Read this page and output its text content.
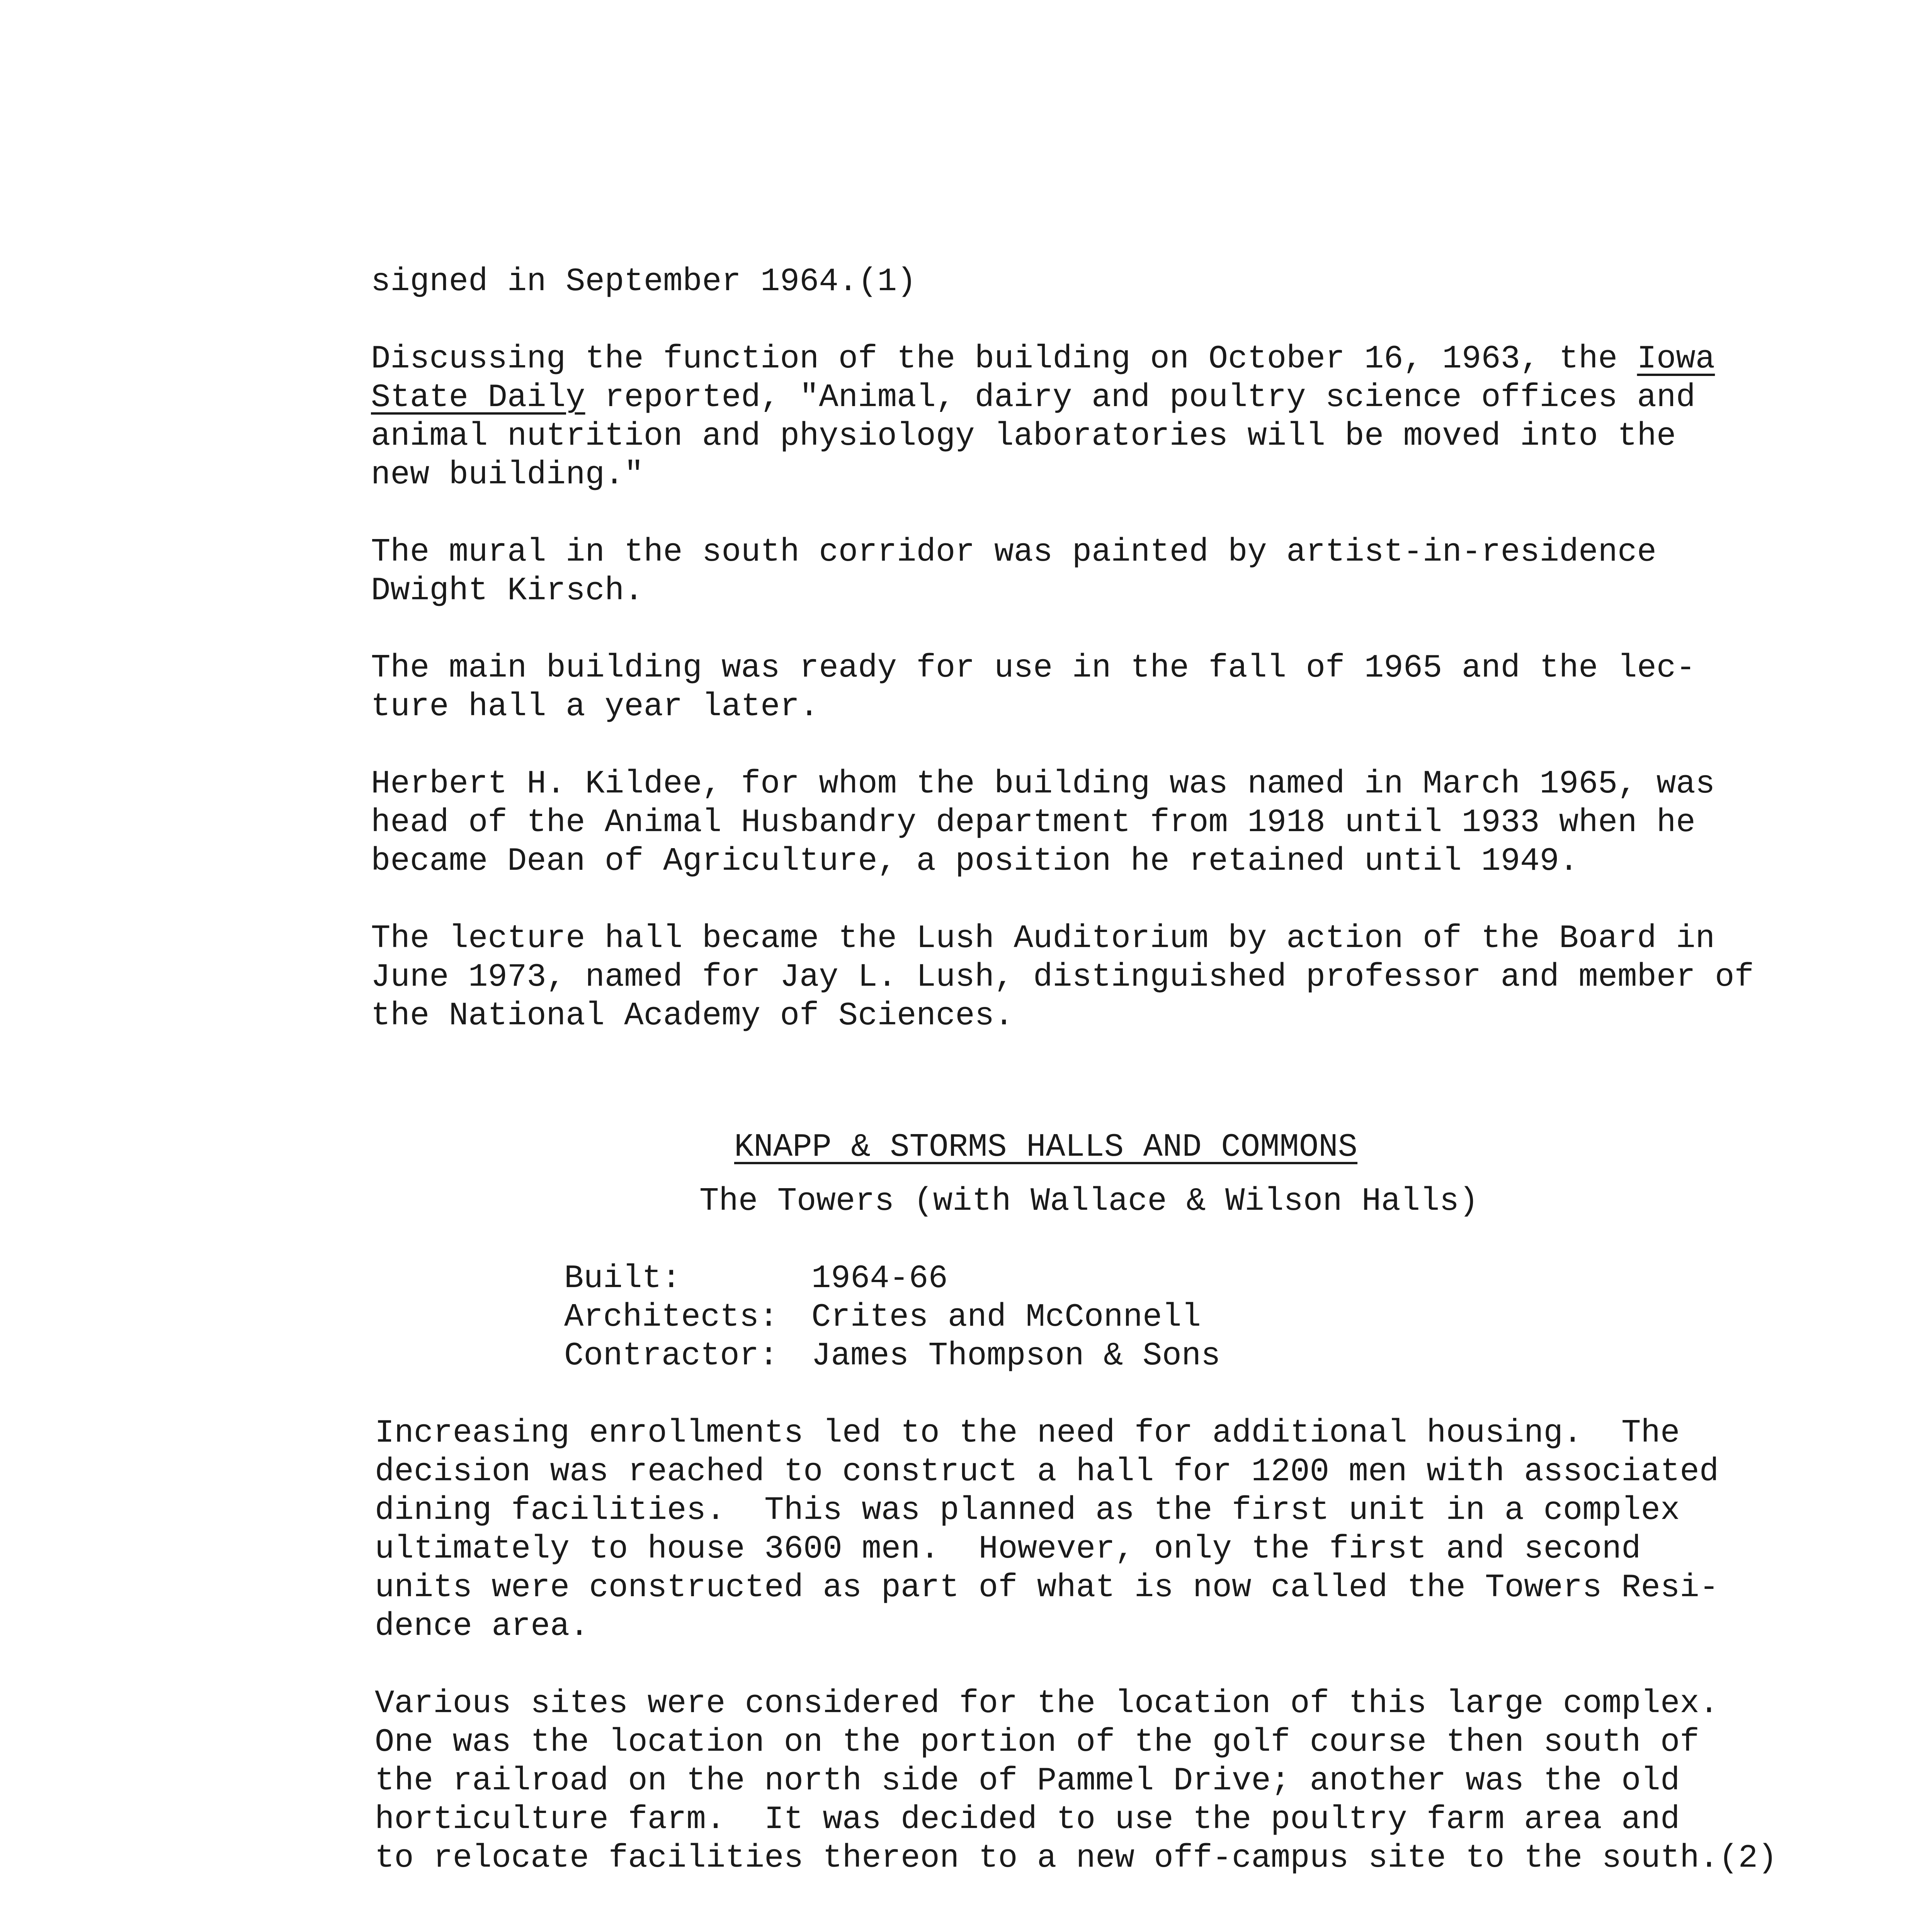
signed in September 1964.(1)

Discussing the function of the building on October 16, 1963, the Iowa

State Daily reported, "Animal, dairy and poultry science offices and

animal nutrition and physiology laboratories will be moved into the

new building."

The mural in the south corridor was painted by artist-in-residence

Dwight Kirsch.

The main building was ready for use in the fall of 1965 and the lec-

ture hall a year later.

Herbert H. Kildee, for whom the building was named in March 1965, was

head of the Animal Husbandry department from 1918 until 1933 when he

became Dean of Agriculture, a position he retained until 1949.

The lecture hall became the Lush Auditorium by action of the Board in

June 1973, named for Jay L. Lush, distinguished professor and member of

the National Academy of Sciences.

KNAPP & STORMS HALLS AND COMMONS

The Towers (with Wallace & Wilson Halls)

Built:	1964-66

Architects: Crites and McConnell

Contractor: James Thompson & Sons

Increasing enrollments led to the need for additional housing.  The

decision was reached to construct a hall for 1200 men with associated

dining facilities.  This was planned as the first unit in a complex

ultimately to house 3600 men.  However, only the first and second

units were constructed as part of what is now called the Towers Resi-

dence area.

Various sites were considered for the location of this large complex.

One was the location on the portion of the golf course then south of

the railroad on the north side of Pammel Drive; another was the old

horticulture farm.  It was decided to use the poultry farm area and

to relocate facilities thereon to a new off-campus site to the south.(2)
